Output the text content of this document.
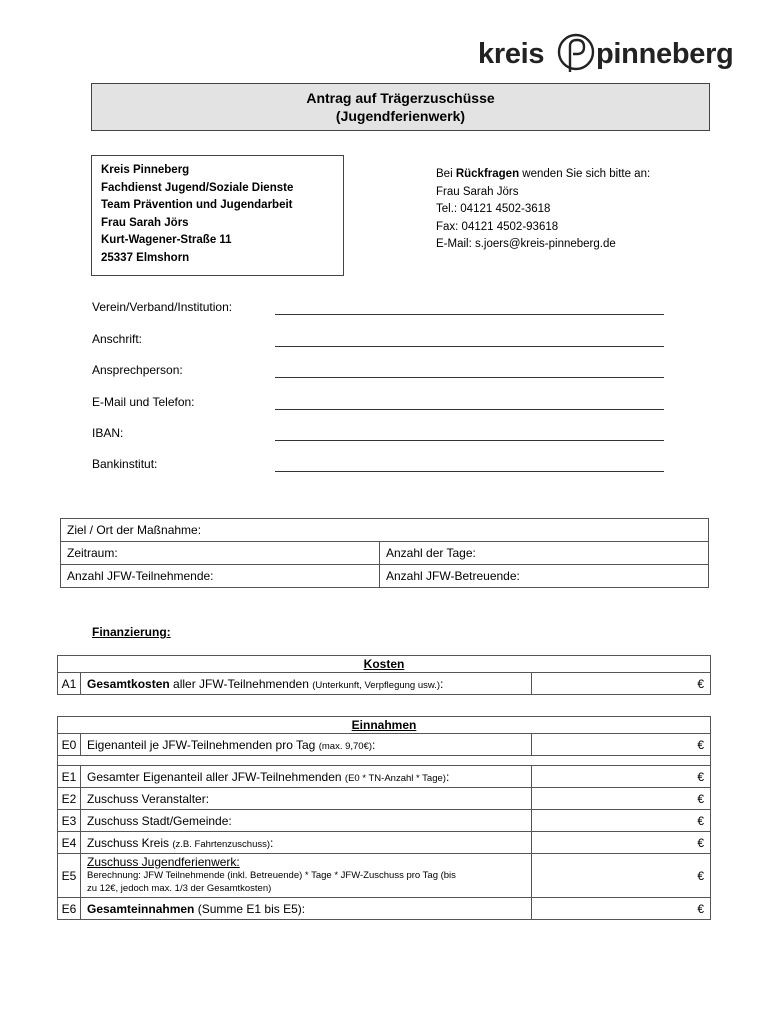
kreis pinneberg
Antrag auf Trägerzuschüsse
(Jugendferienwerk)
Kreis Pinneberg
Fachdienst Jugend/Soziale Dienste
Team Prävention und Jugendarbeit
Frau Sarah Jörs
Kurt-Wagener-Straße 11
25337 Elmshorn
Bei Rückfragen wenden Sie sich bitte an:
Frau Sarah Jörs
Tel.: 04121 4502-3618
Fax: 04121 4502-93618
E-Mail: s.joers@kreis-pinneberg.de
Verein/Verband/Institution:
Anschrift:
Ansprechperson:
E-Mail und Telefon:
IBAN:
Bankinstitut:
Ziel / Ort der Maßnahme:	
Zeitraum:	Anzahl der Tage:
Anzahl JFW-Teilnehmende:	Anzahl JFW-Betreuende:
Finanzierung:
Kosten
A1	Gesamtkosten aller JFW-Teilnehmenden (Unterkunft, Verpflegung usw.):	€
Einnahmen		
E0	Eigenanteil je JFW-Teilnehmenden pro Tag (max. 9,70€):	€

E1	Gesamter Eigenanteil aller JFW-Teilnehmenden (E0 * TN-Anzahl * Tage):	€
E2	Zuschuss Veranstalter:	€
E3	Zuschuss Stadt/Gemeinde:	€
E4	Zuschuss Kreis (z.B. Fahrtenzuschuss):	€
E5	Zuschuss Jugendferienwerk:
Berechnung: JFW Teilnehmende (inkl. Betreuende) * Tage * JFW-Zuschuss pro Tag (bis
zu 12€, jedoch max. 1/3 der Gesamtkosten)	€
E6	Gesamteinnahmen (Summe E1 bis E5):	€
